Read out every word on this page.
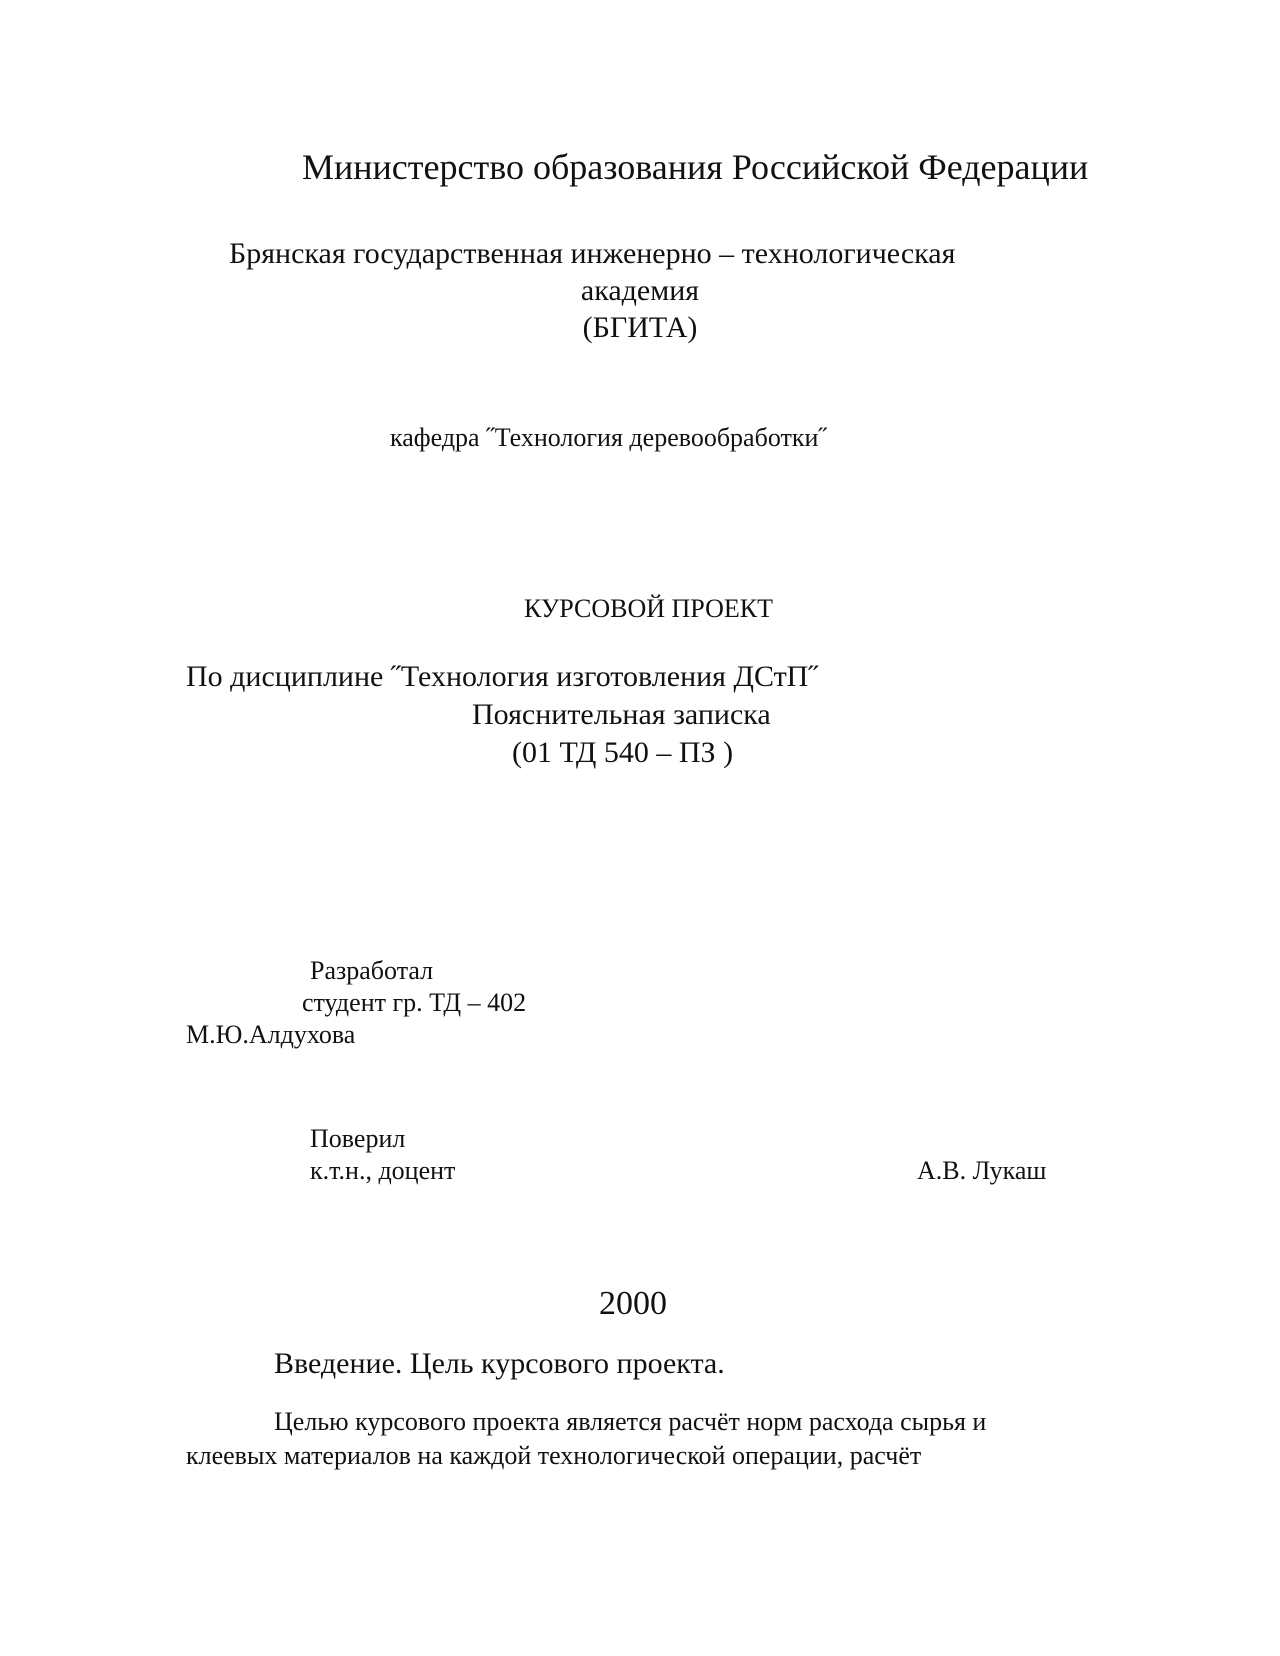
Министерство образования Российской Федерации
Брянская государственная инженерно – технологическая
академия
(БГИТА)
кафедра ˝Технология деревообработки˝
КУРСОВОЙ ПРОЕКТ
По дисциплине ˝Технология изготовления ДСтП˝
Пояснительная записка
(01 ТД 540 – ПЗ )
Разработал
студент гр. ТД – 402
М.Ю.Алдухова
Поверил
к.т.н., доцент	А.В. Лукаш
2000
Введение. Цель курсового проекта.
Целью курсового проекта является расчёт норм расхода сырья и
клеевых материалов на каждой технологической операции, расчёт
